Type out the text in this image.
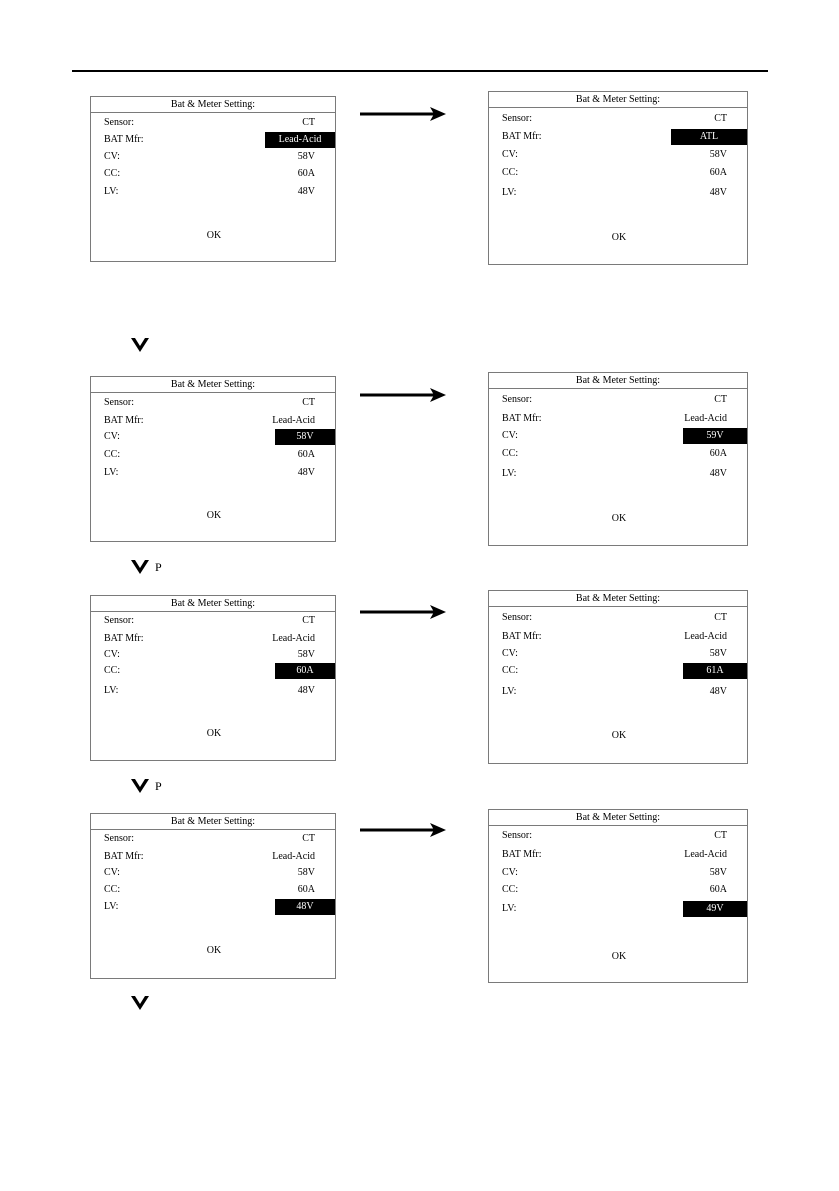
Bat & Meter Setting:
Sensor:	CT
BAT Mfr:	Lead-Acid
CV:	58V
CC:	60A
LV:	48V
OK
Bat & Meter Setting:
Sensor:	CT
BAT Mfr:	ATL
CV:	58V
CC:	60A
LV:	48V
OK
Bat & Meter Setting:
Sensor:	CT
BAT Mfr:	Lead-Acid
CV:	58V
CC:	60A
LV:	48V
OK
Bat & Meter Setting:
Sensor:	CT
BAT Mfr:	Lead-Acid
CV:	59V
CC:	60A
LV:	48V
OK
P
Bat & Meter Setting:
Sensor:	CT
BAT Mfr:	Lead-Acid
CV:	58V
CC:	60A
LV:	48V
OK
Bat & Meter Setting:
Sensor:	CT
BAT Mfr:	Lead-Acid
CV:	58V
CC:	61A
LV:	48V
OK
P
Bat & Meter Setting:
Sensor:	CT
BAT Mfr:	Lead-Acid
CV:	58V
CC:	60A
LV:	48V
OK
Bat & Meter Setting:
Sensor:	CT
BAT Mfr:	Lead-Acid
CV:	58V
CC:	60A
LV:	49V
OK
